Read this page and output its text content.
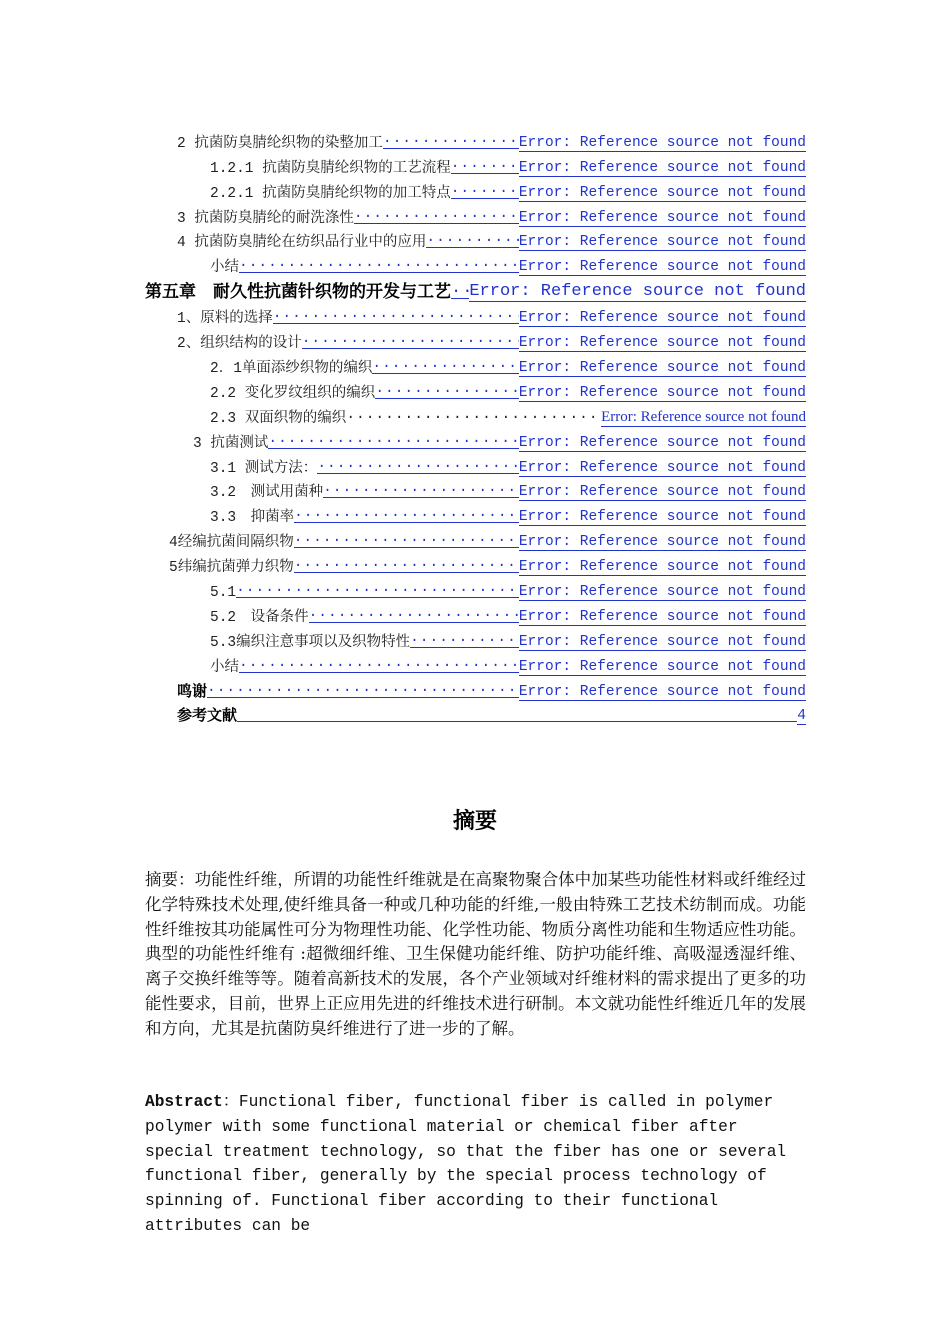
2 抗菌防臭腈纶织物的染整加工 .....	Error: Reference source not found
1.2.1 抗菌防臭腈纶织物的工艺流程 .....	Error: Reference source not found
2.2.1 抗菌防臭腈纶织物的加工特点 .....	Error: Reference source not found
3 抗菌防臭腈纶的耐洗涤性 .....	Error: Reference source not found
4 抗菌防臭腈纶在纺织品行业中的应用 .....	Error: Reference source not found
小结 .....	Error: Reference source not found
第五章　耐久性抗菌针织物的开发与工艺 ..... Error: Reference source not found
1、原料的选择 .....	Error: Reference source not found
2、组织结构的设计 .....	Error: Reference source not found
2．1单面添纱织物的编织 .....	Error: Reference source not found
2.2 变化罗纹组织的编织 .....	Error: Reference source not found
2.3 双面织物的编织 .....	Error: Reference source not found
3 抗菌测试 .....	Error: Reference source not found
3.1 测试方法： .....	Error: Reference source not found
3.2　测试用菌种 .....	Error: Reference source not found
3.3　抑菌率 .....	Error: Reference source not found
4经编抗菌间隔织物 .....	Error: Reference source not found
5纬编抗菌弹力织物 .....	Error: Reference source not found
5.1 .....	Error: Reference source not found
5.2　设备条件 .....	Error: Reference source not found
5.3编织注意事项以及织物特性 .....	Error: Reference source not found
小结 .....	Error: Reference source not found
鸣谢 .....	Error: Reference source not found
参考文献	4
摘要
摘要：功能性纤维，所谓的功能性纤维就是在高聚物聚合体中加某些功能性材料或纤维经过化学特殊技术处理,使纤维具备一种或几种功能的纤维,一般由特殊工艺技术纺制而成。功能性纤维按其功能属性可分为物理性功能、化学性功能、物质分离性功能和生物适应性功能。典型的功能性纤维有 :超微细纤维、卫生保健功能纤维、防护功能纤维、高吸湿透湿纤维、离子交换纤维等等。随着高新技术的发展，各个产业领域对纤维材料的需求提出了更多的功能性要求，目前，世界上正应用先进的纤维技术进行研制。本文就功能性纤维近几年的发展和方向，尤其是抗菌防臭纤维进行了进一步的了解。
Abstract：Functional fiber, functional fiber is called in polymer polymer with some functional material or chemical fiber after special treatment technology, so that the fiber has one or several functional fiber, generally by the special process technology of spinning of. Functional fiber according to their functional attributes can be
